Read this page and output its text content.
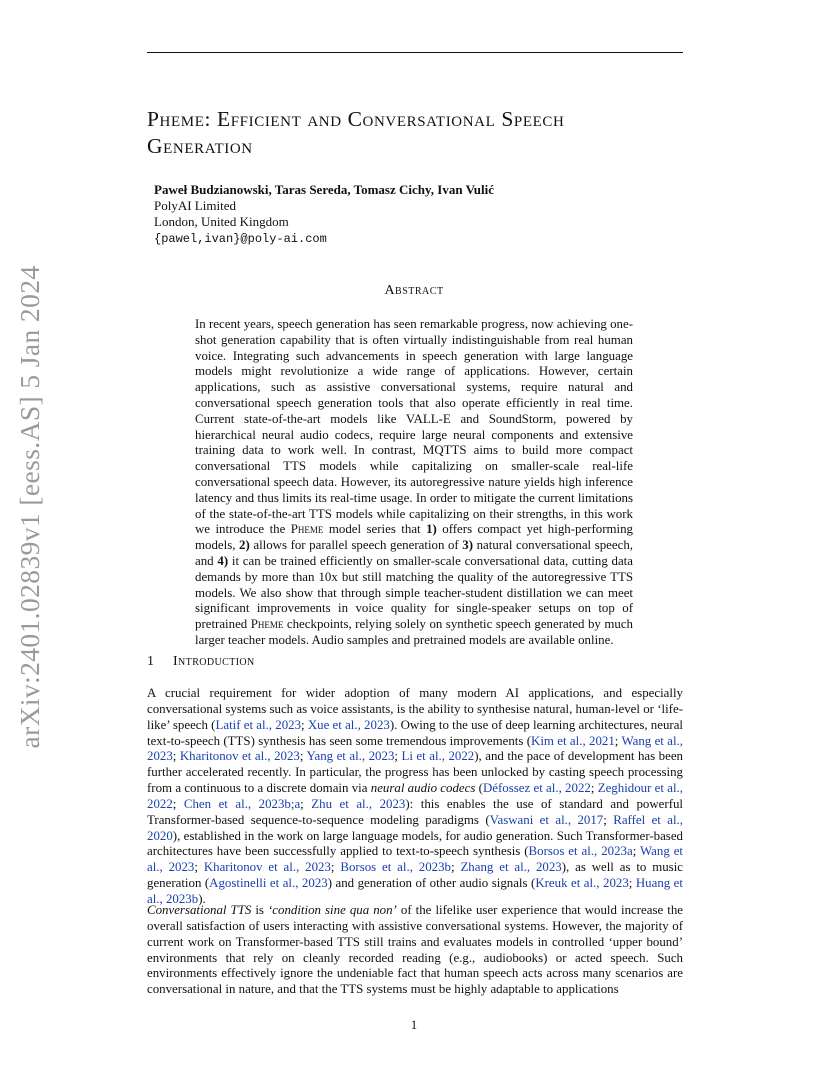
Pheme: Efficient and Conversational Speech
Generation
Paweł Budzianowski, Taras Sereda, Tomasz Cichy, Ivan Vulić
PolyAI Limited
London, United Kingdom
{pawel,ivan}@poly-ai.com
arXiv:2401.02839v1 [eess.AS] 5 Jan 2024	Abstract
In recent years, speech generation has seen remarkable progress, now achieving one-shot generation capability that is often virtually indistinguishable from real human voice. Integrating such advancements in speech generation with large language models might revolutionize a wide range of applications. However, certain applications, such as assistive conversational systems, require natural and conversational speech generation tools that also operate efficiently in real time. Current state-of-the-art models like VALL-E and SoundStorm, powered by hierarchical neural audio codecs, require large neural components and extensive training data to work well. In contrast, MQTTS aims to build more compact conversational TTS models while capitalizing on smaller-scale real-life conversational speech data. However, its autoregressive nature yields high inference latency and thus limits its real-time usage. In order to mitigate the current limitations of the state-of-the-art TTS models while capitalizing on their strengths, in this work we introduce the Pheme model series that 1) offers compact yet high-performing models, 2) allows for parallel speech generation of 3) natural conversational speech, and 4) it can be trained efficiently on smaller-scale conversational data, cutting data demands by more than 10x but still matching the quality of the autoregressive TTS models. We also show that through simple teacher-student distillation we can meet significant improvements in voice quality for single-speaker setups on top of pretrained Pheme checkpoints, relying solely on synthetic speech generated by much larger teacher models. Audio samples and pretrained models are available online.
1 Introduction

A crucial requirement for wider adoption of many modern AI applications, and especially conversational systems such as voice assistants, is the ability to synthesise natural, human-level or ‘life-like’ speech (Latif et al., 2023; Xue et al., 2023). Owing to the use of deep learning architectures, neural text-to-speech (TTS) synthesis has seen some tremendous improvements (Kim et al., 2021; Wang et al., 2023; Kharitonov et al., 2023; Yang et al., 2023; Li et al., 2022), and the pace of development has been further accelerated recently. In particular, the progress has been unlocked by casting speech processing from a continuous to a discrete domain via neural audio codecs (Défossez et al., 2022; Zeghidour et al., 2022; Chen et al., 2023b;a; Zhu et al., 2023): this enables the use of standard and powerful Transformer-based sequence-to-sequence modeling paradigms (Vaswani et al., 2017; Raffel et al., 2020), established in the work on large language models, for audio generation. Such Transformer-based architectures have been successfully applied to text-to-speech synthesis (Borsos et al., 2023a; Wang et al., 2023; Kharitonov et al., 2023; Borsos et al., 2023b; Zhang et al., 2023), as well as to music generation (Agostinelli et al., 2023) and generation of other audio signals (Kreuk et al., 2023; Huang et al., 2023b).

Conversational TTS is ‘condition sine qua non’ of the lifelike user experience that would increase the overall satisfaction of users interacting with assistive conversational systems. However, the majority of current work on Transformer-based TTS still trains and evaluates models in controlled ‘upper bound’ environments that rely on cleanly recorded reading (e.g., audiobooks) or acted speech. Such environments effectively ignore the undeniable fact that human speech acts across many scenarios are conversational in nature, and that the TTS systems must be highly adaptable to applications

1
